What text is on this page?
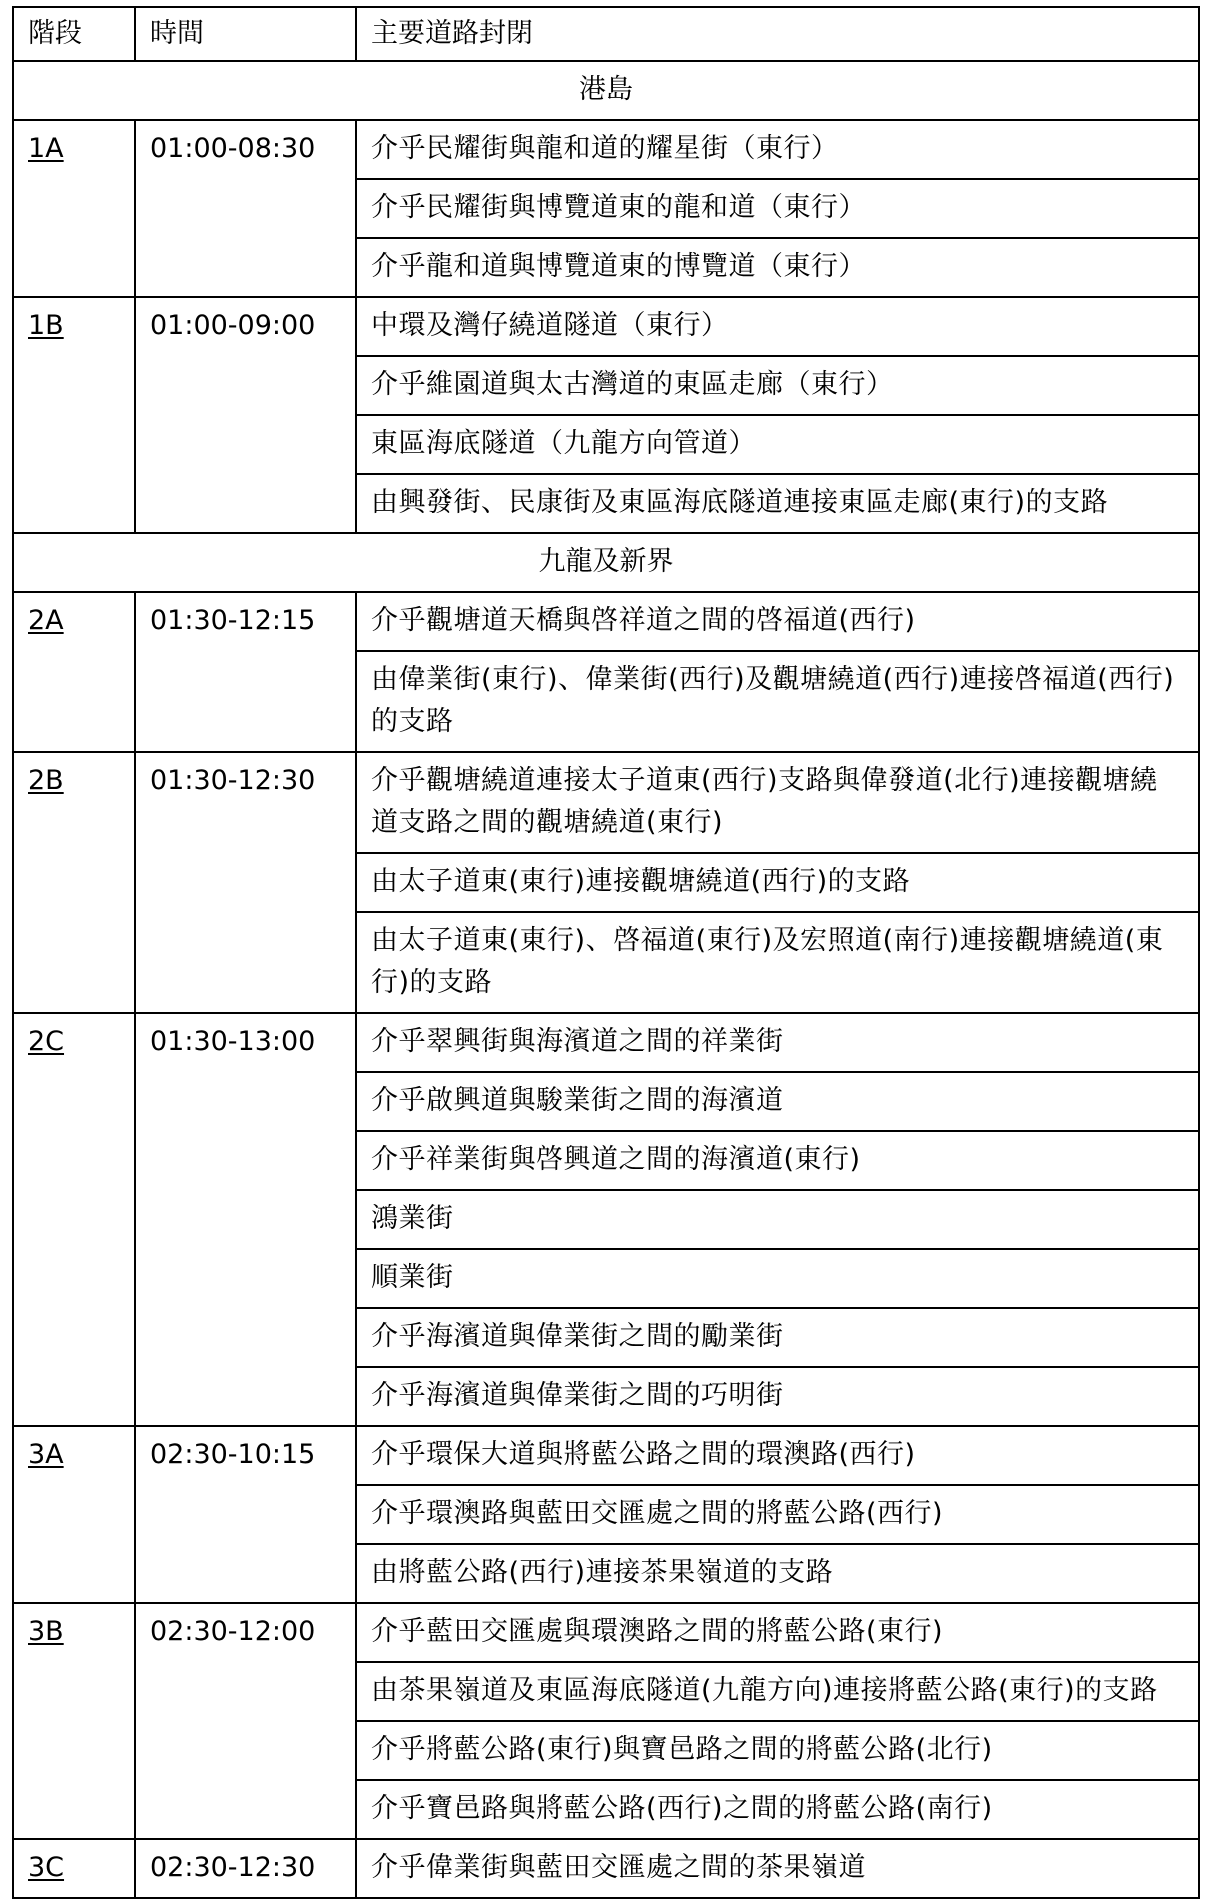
階段	時間	主要道路封閉
港島		
1A	01:00-08:30	介乎民耀街與龍和道的耀星街（東行）
		介乎民耀街與博覽道東的龍和道（東行）
		介乎龍和道與博覽道東的博覽道（東行）
1B	01:00-09:00	中環及灣仔繞道隧道（東行）
		介乎維園道與太古灣道的東區走廊（東行）
		東區海底隧道（九龍方向管道）
		由興發街、民康街及東區海底隧道連接東區走廊(東行)的支路
九龍及新界		
2A	01:30-12:15	介乎觀塘道天橋與啓祥道之間的啓福道(西行)
		由偉業街(東行)、偉業街(西行)及觀塘繞道(西行)連接啓福道(西行)的支路
2B	01:30-12:30	介乎觀塘繞道連接太子道東(西行)支路與偉發道(北行)連接觀塘繞道支路之間的觀塘繞道(東行)
		由太子道東(東行)連接觀塘繞道(西行)的支路
		由太子道東(東行)、啓福道(東行)及宏照道(南行)連接觀塘繞道(東行)的支路
2C	01:30-13:00	介乎翠興街與海濱道之間的祥業街
		介乎啟興道與駿業街之間的海濱道
		介乎祥業街與啓興道之間的海濱道(東行)
		鴻業街
		順業街
		介乎海濱道與偉業街之間的勵業街
		介乎海濱道與偉業街之間的巧明街
3A	02:30-10:15	介乎環保大道與將藍公路之間的環澳路(西行)
		介乎環澳路與藍田交匯處之間的將藍公路(西行)
		由將藍公路(西行)連接茶果嶺道的支路
3B	02:30-12:00	介乎藍田交匯處與環澳路之間的將藍公路(東行)
		由茶果嶺道及東區海底隧道(九龍方向)連接將藍公路(東行)的支路
		介乎將藍公路(東行)與寶邑路之間的將藍公路(北行)
		介乎寶邑路與將藍公路(西行)之間的將藍公路(南行)
3C	02:30-12:30	介乎偉業街與藍田交匯處之間的茶果嶺道
